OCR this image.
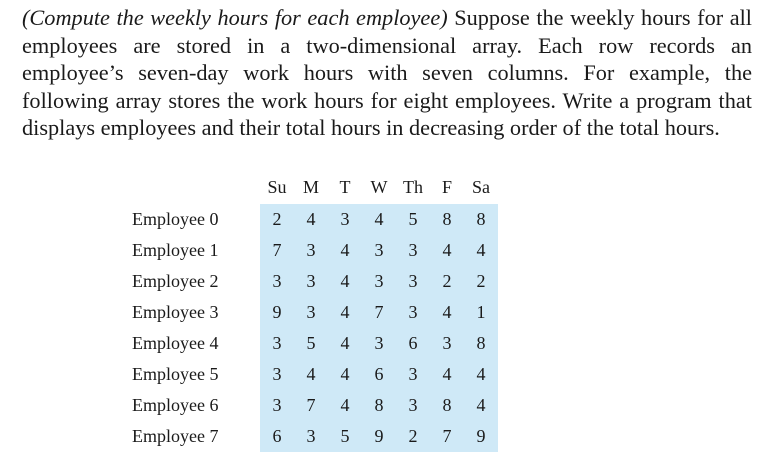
(Compute the weekly hours for each employee) Suppose the weekly hours for all employees are stored in a two-dimensional array. Each row records an employee’s seven-day work hours with seven columns. For example, the following array stores the work hours for eight employees. Write a program that displays employees and their total hours in decreasing order of the total hours.

	Su	M	T	W	Th	F	Sa
Employee 0	2	4	3	4	5	8	8
Employee 1	7	3	4	3	3	4	4
Employee 2	3	3	4	3	3	2	2
Employee 3	9	3	4	7	3	4	1
Employee 4	3	5	4	3	6	3	8
Employee 5	3	4	4	6	3	4	4
Employee 6	3	7	4	8	3	8	4
Employee 7	6	3	5	9	2	7	9
